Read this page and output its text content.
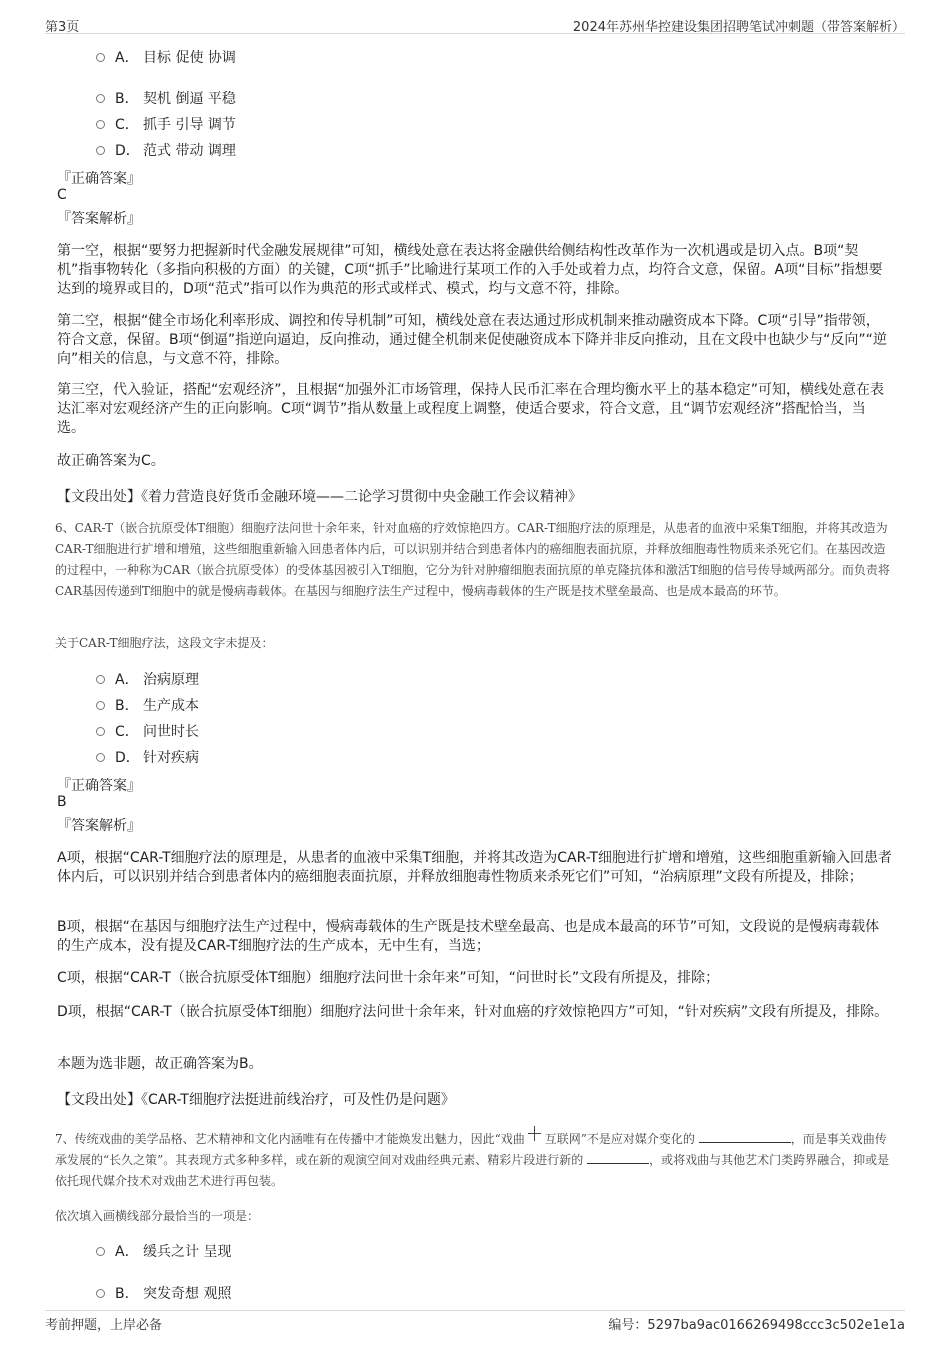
第3页	2024年苏州华控建设集团招聘笔试冲刺题（带答案解析）
A． 目标 促使 协调
B． 契机 倒逼 平稳
C． 抓手 引导 调节
D． 范式 带动 调理
『正确答案』
C
『答案解析』

第一空，根据“要努力把握新时代金融发展规律”可知，横线处意在表达将金融供给侧结构性改革作为一次机遇或是切入点。B项“契机”指事物转化（多指向积极的方面）的关键，C项“抓手”比喻进行某项工作的入手处或着力点，均符合文意，保留。A项“目标”指想要达到的境界或目的，D项“范式”指可以作为典范的形式或样式、模式，均与文意不符，排除。

第二空，根据“健全市场化利率形成、调控和传导机制”可知，横线处意在表达通过形成机制来推动融资成本下降。C项“引导”指带领，符合文意，保留。B项“倒逼”指逆向逼迫，反向推动，通过健全机制来促使融资成本下降并非反向推动，且在文段中也缺少与“反向”“逆向”相关的信息，与文意不符，排除。

第三空，代入验证，搭配“宏观经济”，且根据“加强外汇市场管理，保持人民币汇率在合理均衡水平上的基本稳定”可知，横线处意在表达汇率对宏观经济产生的正向影响。C项“调节”指从数量上或程度上调整，使适合要求，符合文意，且“调节宏观经济”搭配恰当，当选。

故正确答案为C。

【文段出处】《着力营造良好货币金融环境——二论学习贯彻中央金融工作会议精神》

6、CAR-T（嵌合抗原受体T细胞）细胞疗法问世十余年来，针对血癌的疗效惊艳四方。CAR-T细胞疗法的原理是，从患者的血液中采集T细胞，并将其改造为CAR-T细胞进行扩增和增殖，这些细胞重新输入回患者体内后，可以识别并结合到患者体内的癌细胞表面抗原，并释放细胞毒性物质来杀死它们。在基因改造的过程中，一种称为CAR（嵌合抗原受体）的受体基因被引入T细胞，它分为针对肿瘤细胞表面抗原的单克隆抗体和激活T细胞的信号传导域两部分。而负责将CAR基因传递到T细胞中的就是慢病毒载体。在基因与细胞疗法生产过程中，慢病毒载体的生产既是技术壁垒最高、也是成本最高的环节。

关于CAR-T细胞疗法，这段文字未提及：
A． 治病原理
B． 生产成本
C． 问世时长
D． 针对疾病
『正确答案』
B
『答案解析』

A项，根据“CAR-T细胞疗法的原理是，从患者的血液中采集T细胞，并将其改造为CAR-T细胞进行扩增和增殖，这些细胞重新输入回患者体内后，可以识别并结合到患者体内的癌细胞表面抗原，并释放细胞毒性物质来杀死它们”可知，“治病原理”文段有所提及，排除；

B项，根据“在基因与细胞疗法生产过程中，慢病毒载体的生产既是技术壁垒最高、也是成本最高的环节”可知，文段说的是慢病毒载体的生产成本，没有提及CAR-T细胞疗法的生产成本，无中生有，当选；

C项，根据“CAR-T（嵌合抗原受体T细胞）细胞疗法问世十余年来”可知，“问世时长”文段有所提及，排除；

D项，根据“CAR-T（嵌合抗原受体T细胞）细胞疗法问世十余年来，针对血癌的疗效惊艳四方”可知，“针对疾病”文段有所提及，排除。

本题为选非题，故正确答案为B。

【文段出处】《CAR-T细胞疗法挺进前线治疗，可及性仍是问题》

7、传统戏曲的美学品格、艺术精神和文化内涵唯有在传播中才能焕发出魅力，因此“戏曲 互联网”不是应对媒介变化的	，而是事关戏曲传承发展的“长久之策”。其表现方式多种多样，或在新的观演空间对戏曲经典元素、精彩片段进行新的	，或将戏曲与其他艺术门类跨界融合，抑或是依托现代媒介技术对戏曲艺术进行再包装。

依次填入画横线部分最恰当的一项是：
A． 缓兵之计 呈现
B． 突发奇想 观照
考前押题，上岸必备	编号：5297ba9ac0166269498ccc3c502e1e1a
